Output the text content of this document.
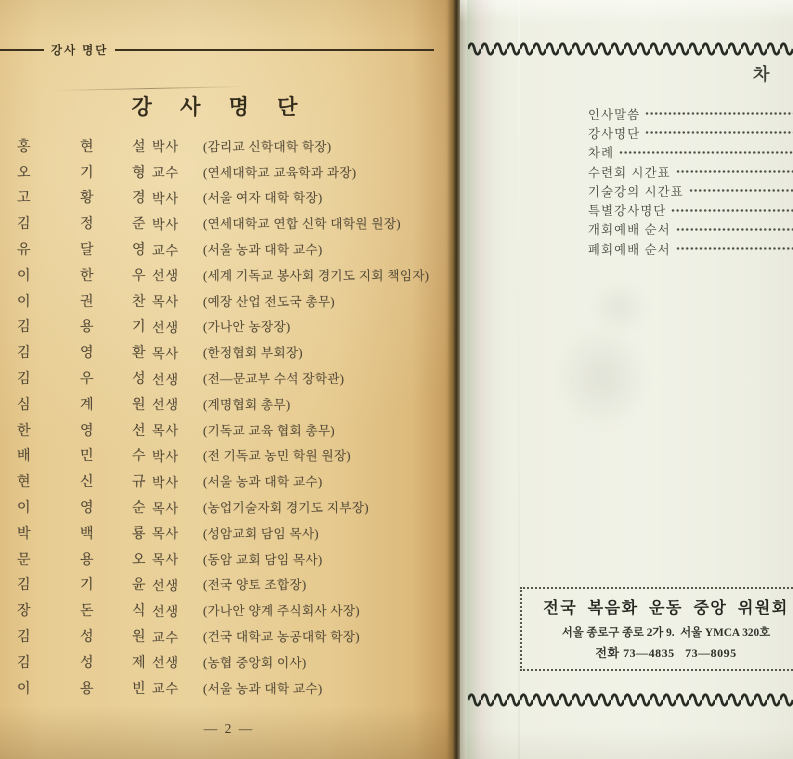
강사 명단
강 사 명 단
홍	현	설 박사	(감리교 신학대학 학장)
오	기	형 교수	(연세대학교 교육학과 과장)
고	황	경 박사	(서울 여자 대학 학장)
김	정	준 박사	(연세대학교 연합 신학 대학원 원장)
유	달	영 교수	(서울 농과 대학 교수)
이	한	우 선생	(세계 기독교 봉사회 경기도 지회 책임자)
이	권	찬 목사	(예장 산업 전도국 총무)
김	용	기 선생	(가나안 농장장)
김	영	환 목사	(한정협회 부회장)
김	우	성 선생	(전—문교부 수석 장학관)
심	계	원 선생	(계명협회 총무)
한	영	선 목사	(기독교 교육 협회 총무)
배	민	수 박사	(전 기독교 농민 학원 원장)
현	신	규 박사	(서울 농과 대학 교수)
이	영	순 목사	(농업기술자회 경기도 지부장)
박	백	룡 목사	(성암교회 담임 목사)
문	용	오 목사	(동암 교회 담임 목사)
김	기	윤 선생	(전국 양토 조합장)
장	돈	식 선생	(가나안 양계 주식회사 사장)
김	성	원 교수	(건국 대학교 농공대학 학장)
김	성	제 선생	(농협 중앙회 이사)
이	용	빈 교수	(서울 농과 대학 교수)
— 2 —
차
인사말씀
강사명단
차례
수련회 시간표
기술강의 시간표
특별강사명단
개회예배 순서
폐회예배 순서
전국 복음화 운동 중앙 위원회
서울 종로구 종로 2가 9.  서울 YMCA 320호
전화 73—4835   73—8095
